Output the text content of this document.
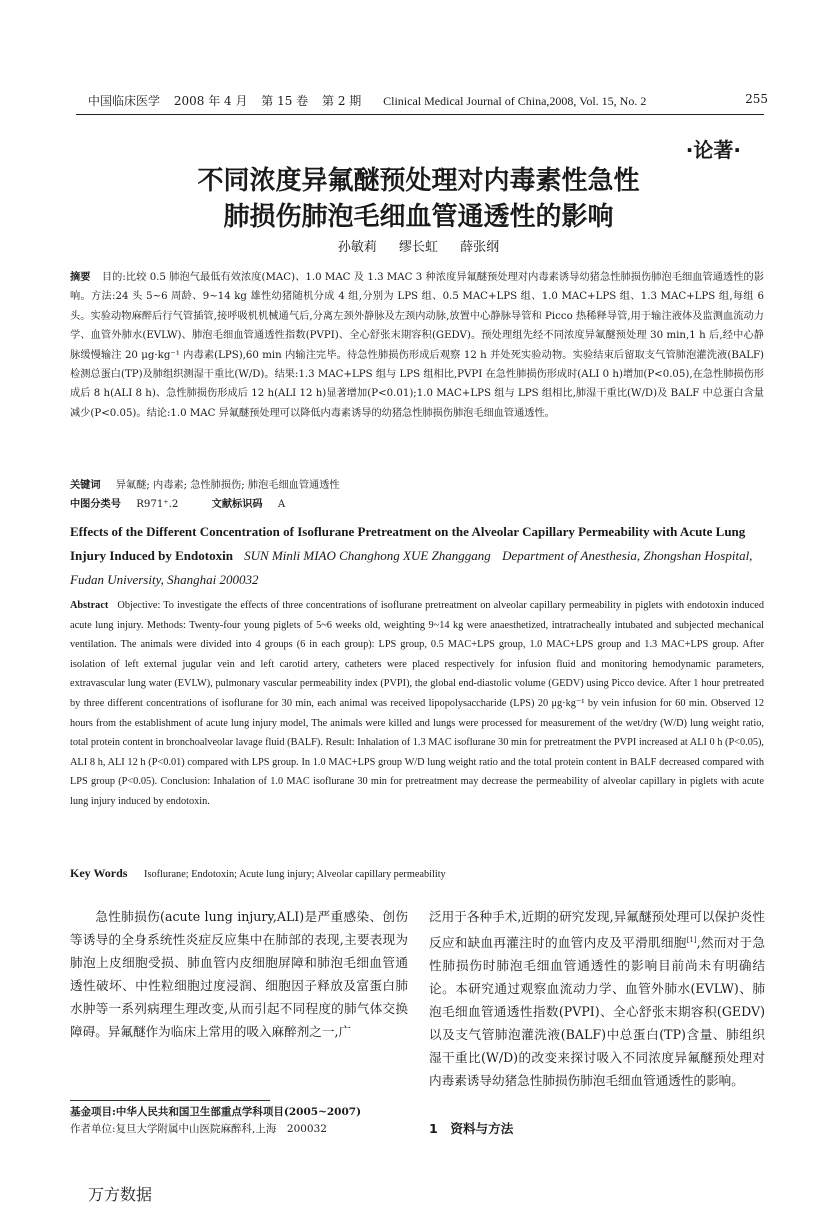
中国临床医学 2008 年 4 月 第 15 卷 第 2 期 Clinical Medical Journal of China,2008, Vol. 15, No. 2	255
·论著·
不同浓度异氟醚预处理对内毒素性急性
肺损伤肺泡毛细血管通透性的影响
孙敏莉 缪长虹 薛张纲
摘要 目的:比较 0.5 肺泡气最低有效浓度(MAC)、1.0 MAC 及 1.3 MAC 3 种浓度异氟醚预处理对内毒素诱导幼猪急性肺损伤肺泡毛细血管通透性的影响。方法:24 头 5~6 周龄、9~14 kg 雄性幼猪随机分成 4 组,分别为 LPS 组、0.5 MAC+LPS 组、1.0 MAC+LPS 组、1.3 MAC+LPS 组,每组 6 头。实验动物麻醉后行气管插管,接呼吸机机械通气后,分离左颈外静脉及左颈内动脉,放置中心静脉导管和 Picco 热稀释导管,用于输注液体及监测血流动力学、血管外肺水(EVLW)、肺泡毛细血管通透性指数(PVPI)、全心舒张末期容积(GEDV)。预处理组先经不同浓度异氟醚预处理 30 min,1 h 后,经中心静脉缓慢输注 20 μg·kg⁻¹ 内毒素(LPS),60 min 内输注完毕。待急性肺损伤形成后观察 12 h 并处死实验动物。实验结束后留取支气管肺泡灌洗液(BALF)检测总蛋白(TP)及肺组织测湿干重比(W/D)。结果:1.3 MAC+LPS 组与 LPS 组相比,PVPI 在急性肺损伤形成时(ALI 0 h)增加(P<0.05),在急性肺损伤形成后 8 h(ALI 8 h)、急性肺损伤形成后 12 h(ALI 12 h)显著增加(P<0.01);1.0 MAC+LPS 组与 LPS 组相比,肺湿干重比(W/D)及 BALF 中总蛋白含量减少(P<0.05)。结论:1.0 MAC 异氟醚预处理可以降低内毒素诱导的幼猪急性肺损伤肺泡毛细血管通透性。
关键词 异氟醚; 内毒素; 急性肺损伤; 肺泡毛细血管通透性
中图分类号 R971⁺.2	文献标识码 A
Effects of the Different Concentration of Isoflurane Pretreatment on the Alveolar Capillary Permeability with Acute Lung Injury Induced by Endotoxin SUN Minli MIAO Changhong XUE Zhanggang Department of Anesthesia, Zhongshan Hospital, Fudan University, Shanghai 200032
Abstract Objective: To investigate the effects of three concentrations of isoflurane pretreatment on alveolar capillary permeability in piglets with endotoxin induced acute lung injury. Methods: Twenty-four young piglets of 5~6 weeks old, weighting 9~14 kg were anaesthetized, intratracheally intubated and subjected mechanical ventilation. The animals were divided into 4 groups (6 in each group): LPS group, 0.5 MAC+LPS group, 1.0 MAC+LPS group and 1.3 MAC+LPS group. After isolation of left external jugular vein and left carotid artery, catheters were placed respectively for infusion fluid and monitoring hemodynamic parameters, extravascular lung water (EVLW), pulmonary vascular permeability index (PVPI), the global end-diastolic volume (GEDV) using Picco device. After 1 hour pretreated by three different concentrations of isoflurane for 30 min, each animal was received lipopolysaccharide (LPS) 20 μg·kg⁻¹ by vein infusion for 60 min. Observed 12 hours from the establishment of acute lung injury model, The animals were killed and lungs were processed for measurement of the wet/dry (W/D) lung weight ratio, total protein content in bronchoalveolar lavage fluid (BALF). Result: Inhalation of 1.3 MAC isoflurane 30 min for pretreatment the PVPI increased at ALI 0 h (P<0.05), ALI 8 h, ALI 12 h (P<0.01) compared with LPS group. In 1.0 MAC+LPS group W/D lung weight ratio and the total protein content in BALF decreased compared with LPS group (P<0.05). Conclusion: Inhalation of 1.0 MAC isoflurane 30 min for pretreatment may decrease the permeability of alveolar capillary in piglets with acute lung injury induced by endotoxin.
Key Words Isoflurane; Endotoxin; Acute lung injury; Alveolar capillary permeability

急性肺损伤(acute lung injury,ALI)是严重感染、创伤等诱导的全身系统性炎症反应集中在肺部的表现,主要表现为肺泡上皮细胞受损、肺血管内皮细胞屏障和肺泡毛细血管通透性破坏、中性粒细胞过度浸润、细胞因子释放及富蛋白肺水肿等一系列病理生理改变,从而引起不同程度的肺气体交换障碍。异氟醚作为临床上常用的吸入麻醉剂之一,广

泛用于各种手术,近期的研究发现,异氟醚预处理可以保护炎性反应和缺血再灌注时的血管内皮及平滑肌细胞[1],然而对于急性肺损伤时肺泡毛细血管通透性的影响目前尚未有明确结论。本研究通过观察血流动力学、血管外肺水(EVLW)、肺泡毛细血管通透性指数(PVPI)、全心舒张末期容积(GEDV)以及支气管肺泡灌洗液(BALF)中总蛋白(TP)含量、肺组织湿干重比(W/D)的改变来探讨吸入不同浓度异氟醚预处理对内毒素诱导幼猪急性肺损伤肺泡毛细血管通透性的影响。

1　资料与方法
基金项目:中华人民共和国卫生部重点学科项目(2005~2007)
作者单位:复旦大学附属中山医院麻醉科,上海　200032
万方数据
